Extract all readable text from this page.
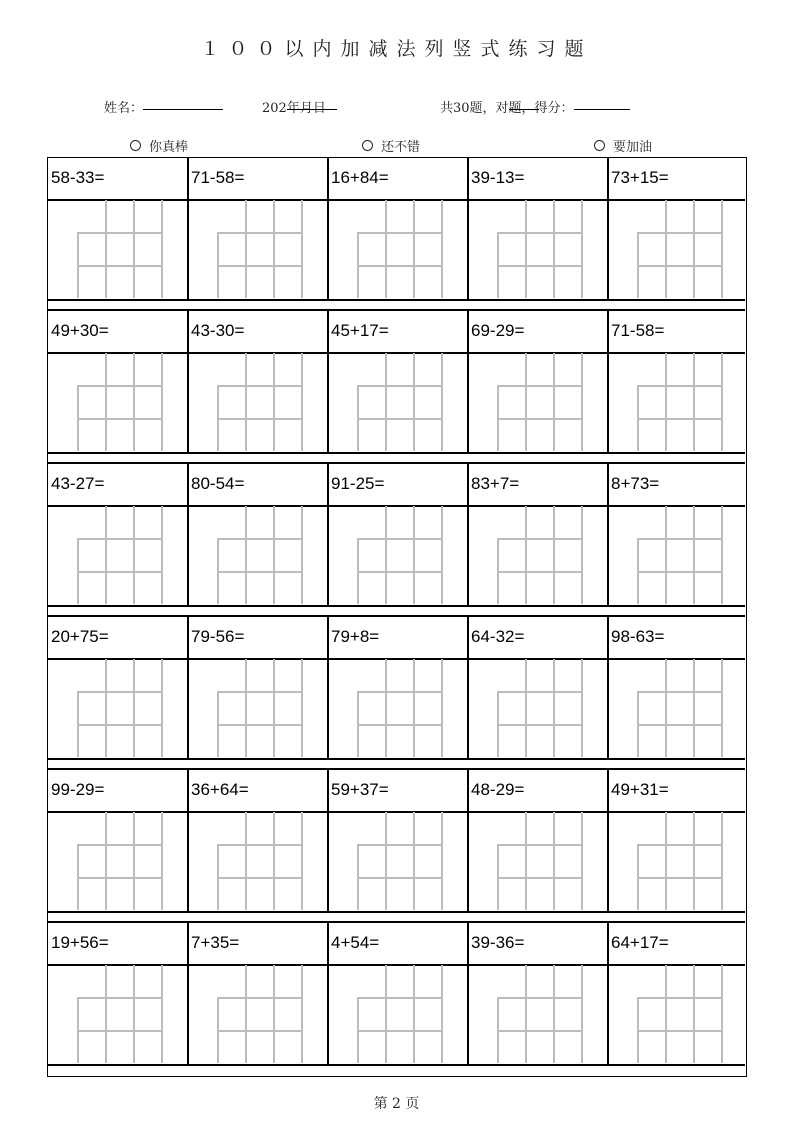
１００以内加减法列竖式练习题
姓名：	202
年
月
日	共30题，对
题，得分：
你真棒	还不错	要加油
58-33=	71-58=	16+84=	39-13=	73+15=
49+30=	43-30=	45+17=	69-29=	71-58=
43-27=	80-54=	91-25=	83+7=	8+73=
20+75=	79-56=	79+8=	64-32=	98-63=
99-29=	36+64=	59+37=	48-29=	49+31=
19+56=	7+35=	4+54=	39-36=	64+17=
第 2 页
